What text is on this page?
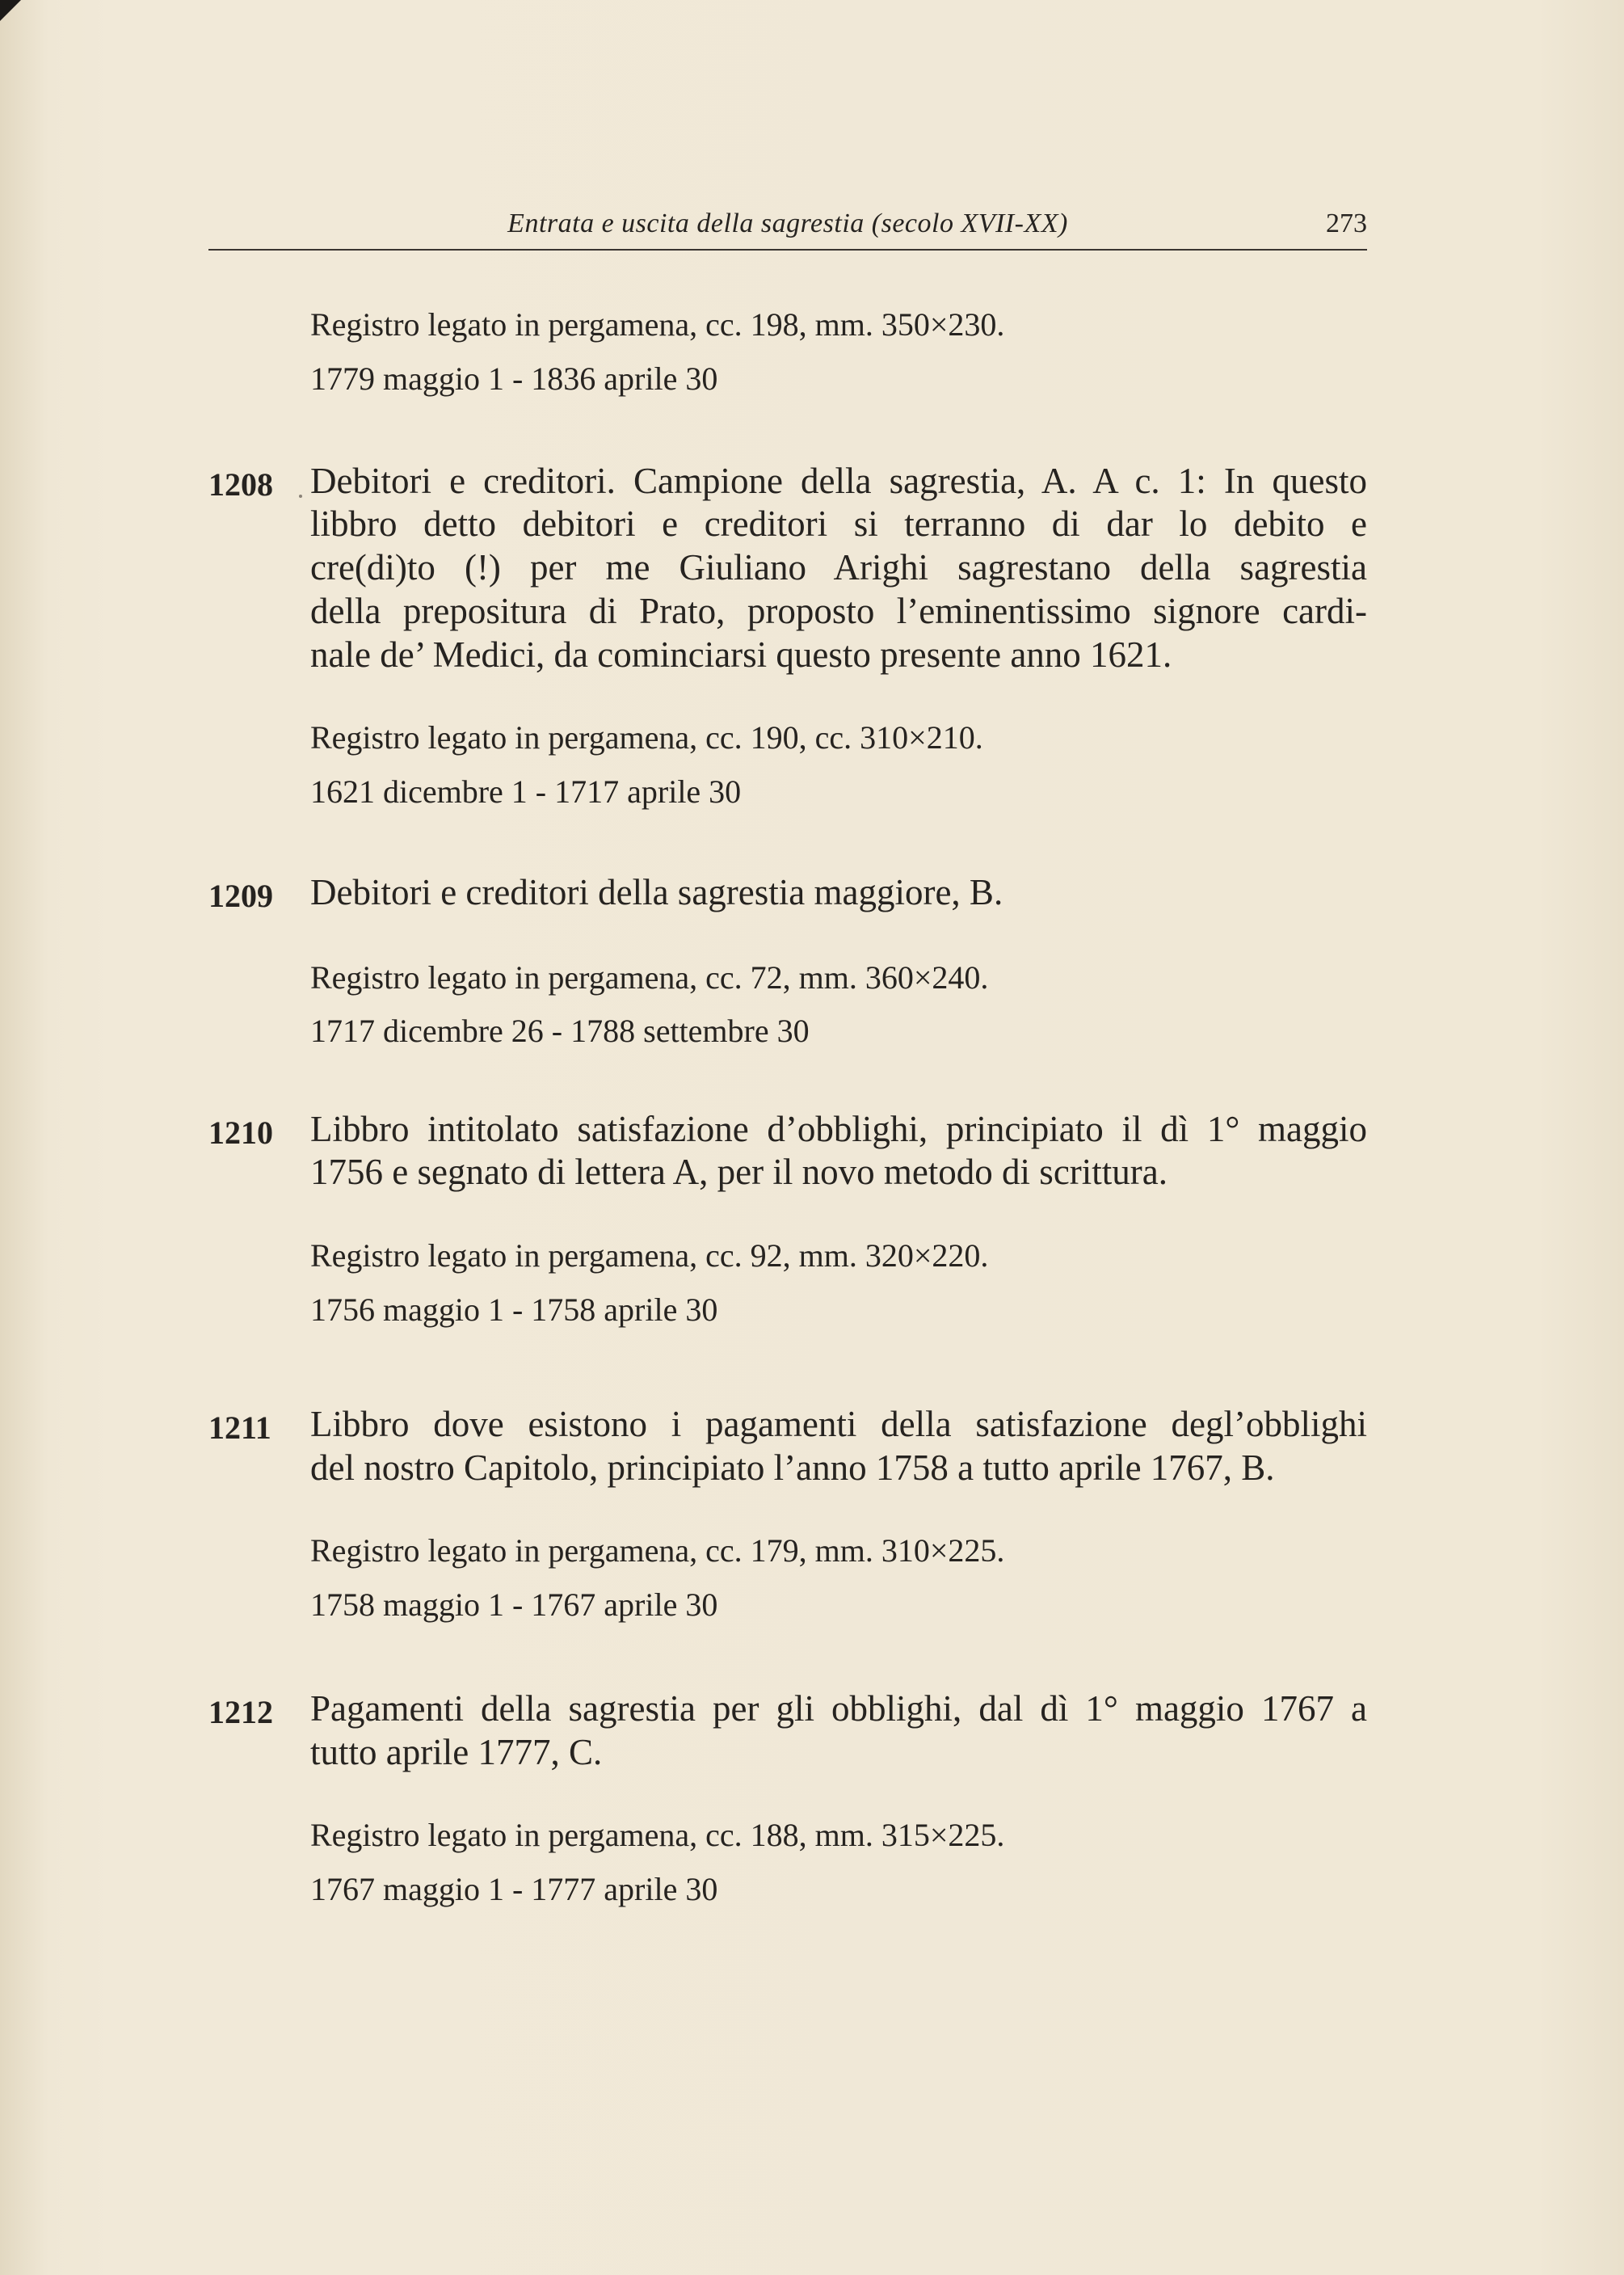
Entrata e uscita della sagrestia (secolo XVII-XX)	273

Registro legato in pergamena, cc. 198, mm. 350×230.

1779 maggio 1 - 1836 aprile 30

1208 Debitori e creditori. Campione della sagrestia, A. A c. 1: In questo

libbro detto debitori e creditori si terranno di dar lo debito e

cre(di)to (!) per me Giuliano Arighi sagrestano della sagrestia

della prepositura di Prato, proposto l’eminentissimo signore cardi-

nale de’ Medici, da cominciarsi questo presente anno 1621.

Registro legato in pergamena, cc. 190, cc. 310×210.

1621 dicembre 1 - 1717 aprile 30

1209 Debitori e creditori della sagrestia maggiore, B.

Registro legato in pergamena, cc. 72, mm. 360×240.

1717 dicembre 26 - 1788 settembre 30

1210 Libbro intitolato satisfazione d’obblighi, principiato il dì 1° maggio

1756 e segnato di lettera A, per il novo metodo di scrittura.

Registro legato in pergamena, cc. 92, mm. 320×220.

1756 maggio 1 - 1758 aprile 30

1211 Libbro dove esistono i pagamenti della satisfazione degl’obblighi

del nostro Capitolo, principiato l’anno 1758 a tutto aprile 1767, B.

Registro legato in pergamena, cc. 179, mm. 310×225.

1758 maggio 1 - 1767 aprile 30

1212 Pagamenti della sagrestia per gli obblighi, dal dì 1° maggio 1767 a

tutto aprile 1777, C.

Registro legato in pergamena, cc. 188, mm. 315×225.

1767 maggio 1 - 1777 aprile 30
